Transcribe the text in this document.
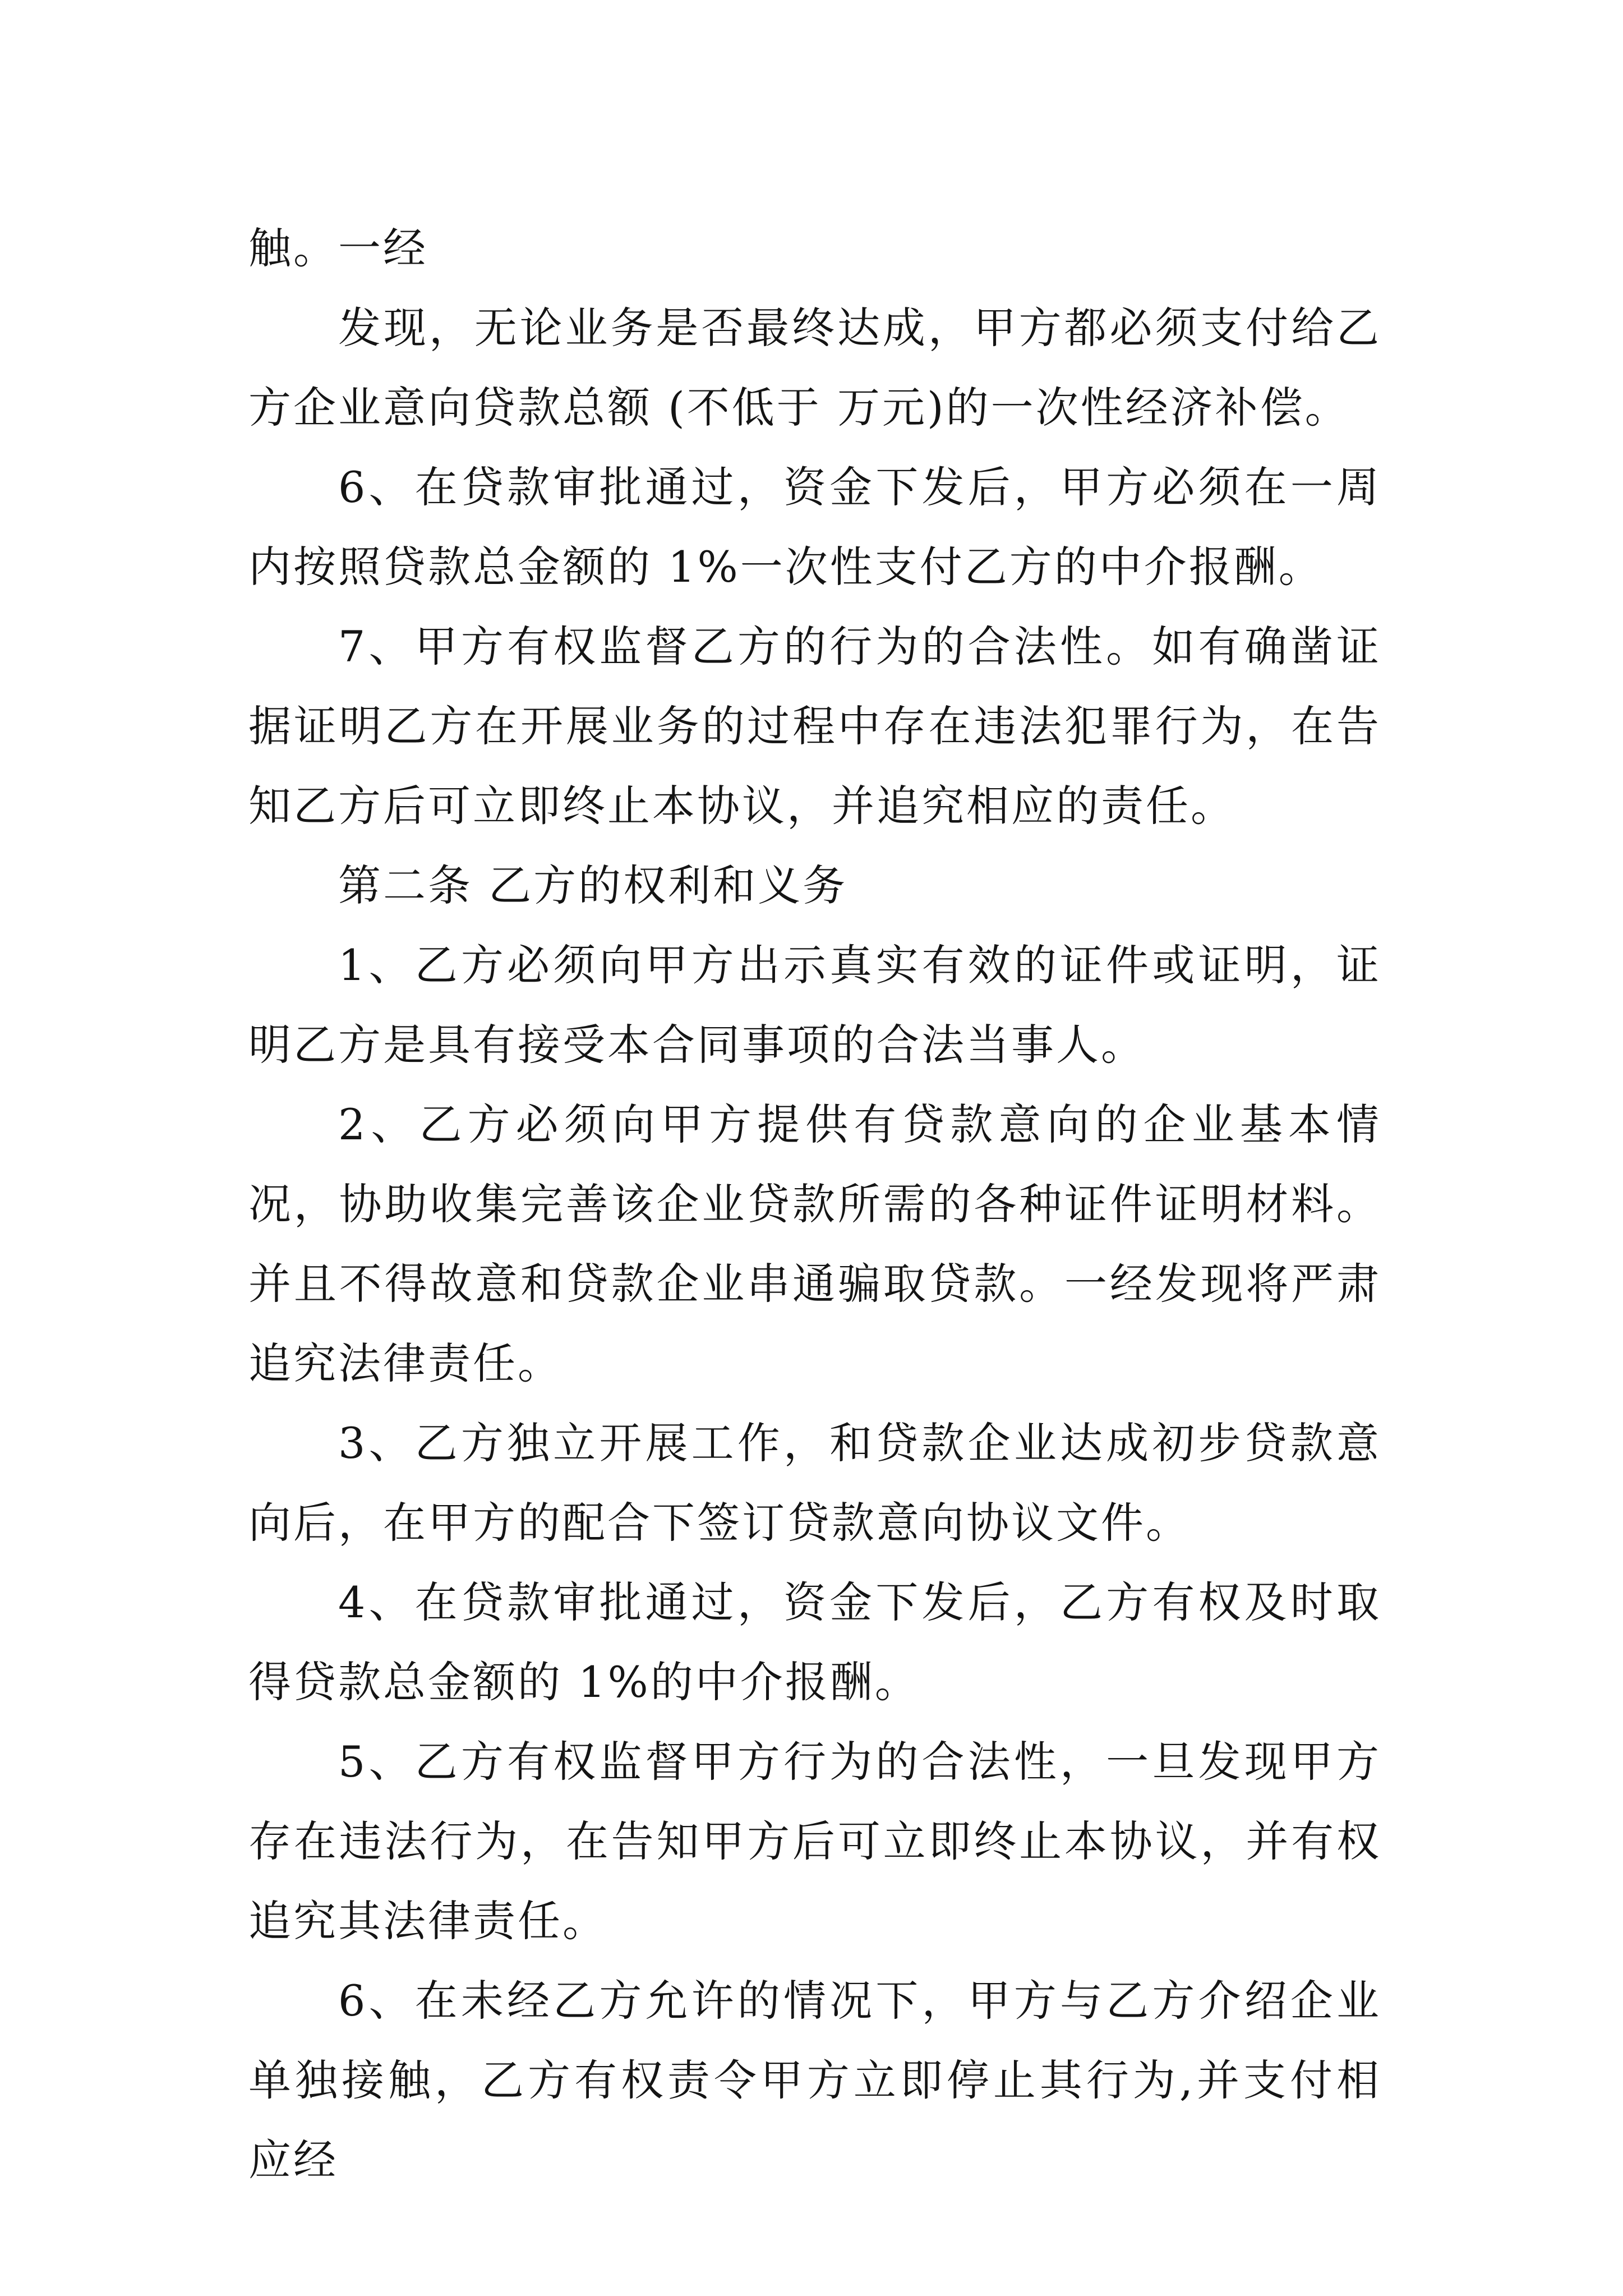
触。一经

发现，无论业务是否最终达成，甲方都必须支付给乙方企业意向贷款总额 (不低于 万元)的一次性经济补偿。

6、在贷款审批通过，资金下发后，甲方必须在一周内按照贷款总金额的 1%一次性支付乙方的中介报酬。

7、甲方有权监督乙方的行为的合法性。如有确凿证据证明乙方在开展业务的过程中存在违法犯罪行为，在告知乙方后可立即终止本协议，并追究相应的责任。

第二条 乙方的权利和义务

1、乙方必须向甲方出示真实有效的证件或证明，证明乙方是具有接受本合同事项的合法当事人。

2、乙方必须向甲方提供有贷款意向的企业基本情况，协助收集完善该企业贷款所需的各种证件证明材料。并且不得故意和贷款企业串通骗取贷款。一经发现将严肃追究法律责任。

3、乙方独立开展工作，和贷款企业达成初步贷款意向后，在甲方的配合下签订贷款意向协议文件。

4、在贷款审批通过，资金下发后，乙方有权及时取得贷款总金额的 1%的中介报酬。

5、乙方有权监督甲方行为的合法性，一旦发现甲方存在违法行为，在告知甲方后可立即终止本协议，并有权追究其法律责任。

6、在未经乙方允许的情况下，甲方与乙方介绍企业单独接触，乙方有权责令甲方立即停止其行为,并支付相应经
